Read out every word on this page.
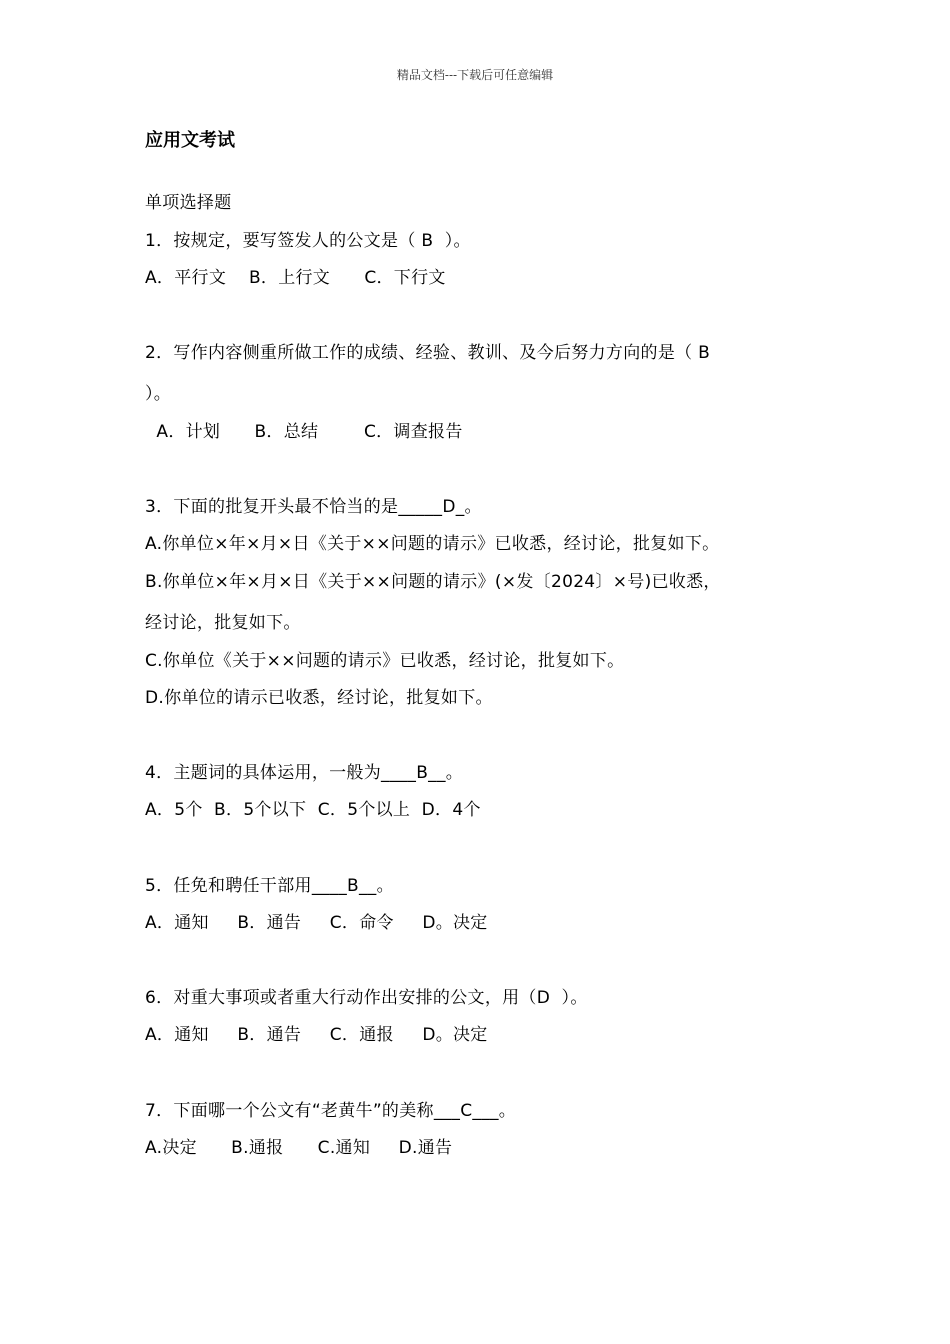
精品文档---下载后可任意编辑
应用文考试
单项选择题
1．按规定，要写签发人的公文是（ B  ）。
A．平行文    B．上行文      C．下行文
2．写作内容侧重所做工作的成绩、经验、教训、及今后努力方向的是（ B
）。
A．计划      B．总结        C．调查报告
3．下面的批复开头最不恰当的是_____D_。
A.你单位×年×月×日《关于××问题的请示》已收悉，经讨论，批复如下。
B.你单位×年×月×日《关于××问题的请示》(×发〔2024〕×号)已收悉，
经讨论，批复如下。
C.你单位《关于××问题的请示》已收悉，经讨论，批复如下。
D.你单位的请示已收悉，经讨论，批复如下。
4．主题词的具体运用，一般为____B__。
A．5个  B．5个以下  C．5个以上  D．4个
5．任免和聘任干部用____B__。
A．通知     B．通告     C．命令     D。决定
6．对重大事项或者重大行动作出安排的公文，用（D  ）。
A．通知     B．通告     C．通报     D。决定
7．下面哪一个公文有“老黄牛”的美称___C___。
A.决定      B.通报      C.通知     D.通告
